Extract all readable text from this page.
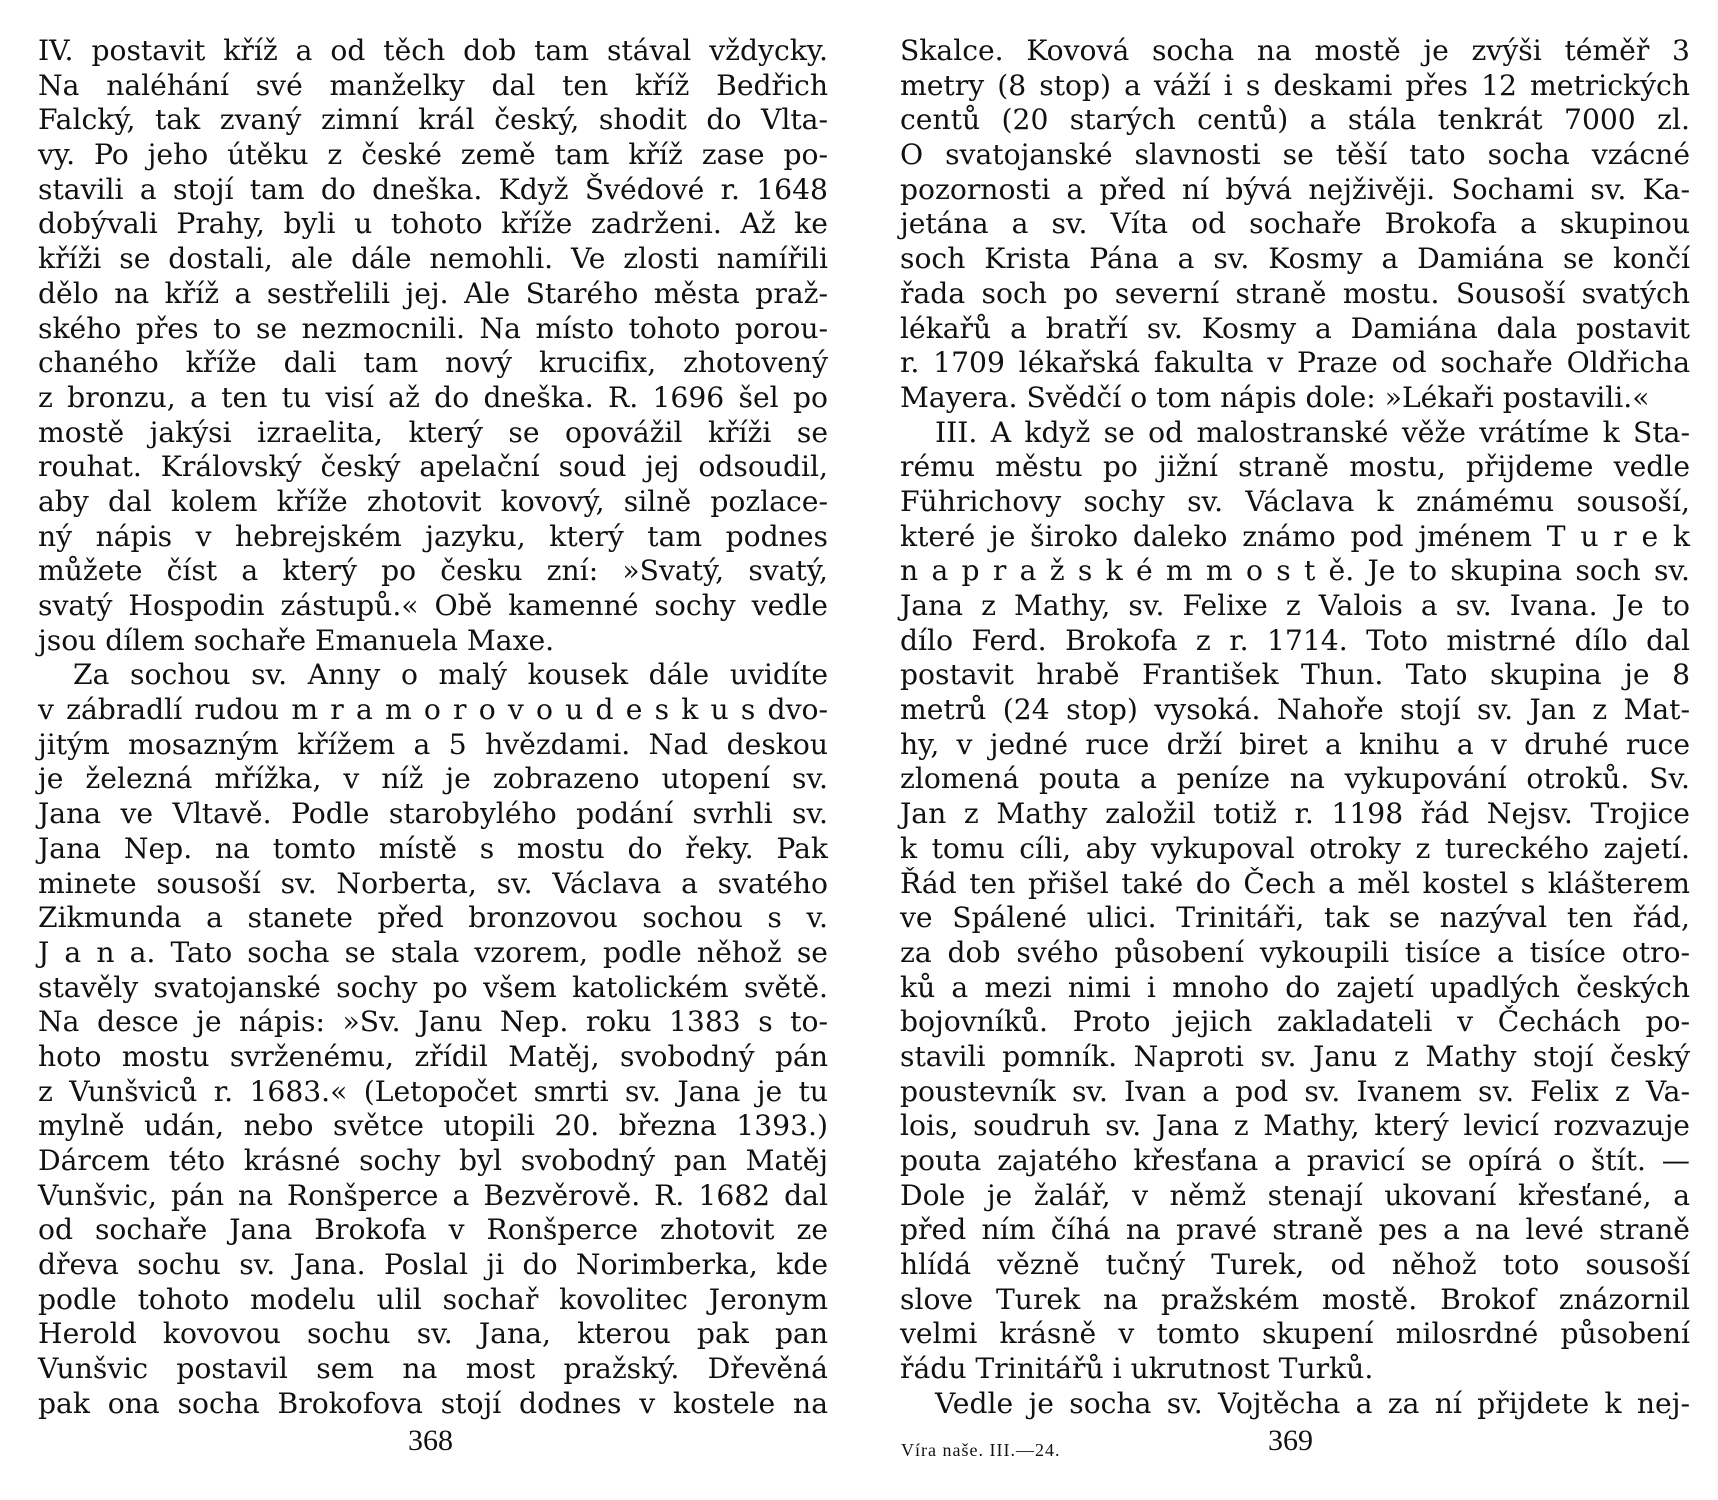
IV. postavit kříž a od těch dob tam stával vždycky.
Na naléhání své manželky dal ten kříž Bedřich
Falcký, tak zvaný zimní král český, shodit do Vlta-
vy. Po jeho útěku z české země tam kříž zase po-
stavili a stojí tam do dneška. Když Švédové r. 1648
dobývali Prahy, byli u tohoto kříže zadrženi. Až ke
kříži se dostali, ale dále nemohli. Ve zlosti namířili
dělo na kříž a sestřelili jej. Ale Starého města praž-
ského přes to se nezmocnili. Na místo tohoto porou-
chaného kříže dali tam nový krucifix, zhotovený
z bronzu, a ten tu visí až do dneška. R. 1696 šel po
mostě jakýsi izraelita, který se opovážil kříži se
rouhat. Královský český apelační soud jej odsoudil,
aby dal kolem kříže zhotovit kovový, silně pozlace-
ný nápis v hebrejském jazyku, který tam podnes
můžete číst a který po česku zní: »Svatý, svatý,
svatý Hospodin zástupů.« Obě kamenné sochy vedle
jsou dílem sochaře Emanuela Maxe.
Za sochou sv. Anny o malý kousek dále uvidíte
v zábradlí rudou m r a m o r o v o u d e s k u s dvo-
jitým mosazným křížem a 5 hvězdami. Nad deskou
je železná mřížka, v níž je zobrazeno utopení sv.
Jana ve Vltavě. Podle starobylého podání svrhli sv.
Jana Nep. na tomto místě s mostu do řeky. Pak
minete sousoší sv. Norberta, sv. Václava a svatého
Zikmunda a stanete před bronzovou sochou s v.
J a n a. Tato socha se stala vzorem, podle něhož se
stavěly svatojanské sochy po všem katolickém světě.
Na desce je nápis: »Sv. Janu Nep. roku 1383 s to-
hoto mostu svrženému, zřídil Matěj, svobodný pán
z Vunšviců r. 1683.« (Letopočet smrti sv. Jana je tu
mylně udán, nebo světce utopili 20. března 1393.)
Dárcem této krásné sochy byl svobodný pan Matěj
Vunšvic, pán na Ronšperce a Bezvěrově. R. 1682 dal
od sochaře Jana Brokofa v Ronšperce zhotovit ze
dřeva sochu sv. Jana. Poslal ji do Norimberka, kde
podle tohoto modelu ulil sochař kovolitec Jeronym
Herold kovovou sochu sv. Jana, kterou pak pan
Vunšvic postavil sem na most pražský. Dřevěná
pak ona socha Brokofova stojí dodnes v kostele na
368
Skalce. Kovová socha na mostě je zvýši téměř 3
metry (8 stop) a váží i s deskami přes 12 metrických
centů (20 starých centů) a stála tenkrát 7000 zl.
O svatojanské slavnosti se těší tato socha vzácné
pozornosti a před ní bývá nejživěji. Sochami sv. Ka-
jetána a sv. Víta od sochaře Brokofa a skupinou
soch Krista Pána a sv. Kosmy a Damiána se končí
řada soch po severní straně mostu. Sousoší svatých
lékařů a bratří sv. Kosmy a Damiána dala postavit
r. 1709 lékařská fakulta v Praze od sochaře Oldřicha
Mayera. Svědčí o tom nápis dole: »Lékaři postavili.«
III. A když se od malostranské věže vrátíme k Sta-
rému městu po jižní straně mostu, přijdeme vedle
Führichovy sochy sv. Václava k známému sousoší,
které je široko daleko známo pod jménem T u r e k
n a p r a ž s k é m m o s t ě. Je to skupina soch sv.
Jana z Mathy, sv. Felixe z Valois a sv. Ivana. Je to
dílo Ferd. Brokofa z r. 1714. Toto mistrné dílo dal
postavit hrabě František Thun. Tato skupina je 8
metrů (24 stop) vysoká. Nahoře stojí sv. Jan z Mat-
hy, v jedné ruce drží biret a knihu a v druhé ruce
zlomená pouta a peníze na vykupování otroků. Sv.
Jan z Mathy založil totiž r. 1198 řád Nejsv. Trojice
k tomu cíli, aby vykupoval otroky z tureckého zajetí.
Řád ten přišel také do Čech a měl kostel s klášterem
ve Spálené ulici. Trinitáři, tak se nazýval ten řád,
za dob svého působení vykoupili tisíce a tisíce otro-
ků a mezi nimi i mnoho do zajetí upadlých českých
bojovníků. Proto jejich zakladateli v Čechách po-
stavili pomník. Naproti sv. Janu z Mathy stojí český
poustevník sv. Ivan a pod sv. Ivanem sv. Felix z Va-
lois, soudruh sv. Jana z Mathy, který levicí rozvazuje
pouta zajatého křesťana a pravicí se opírá o štít. —
Dole je žalář, v němž stenají ukovaní křesťané, a
před ním číhá na pravé straně pes a na levé straně
hlídá vězně tučný Turek, od něhož toto sousoší
slove Turek na pražském mostě. Brokof znázornil
velmi krásně v tomto skupení milosrdné působení
řádu Trinitářů i ukrutnost Turků.
Vedle je socha sv. Vojtěcha a za ní přijdete k nej-
Víra naše. III.—24.	369
